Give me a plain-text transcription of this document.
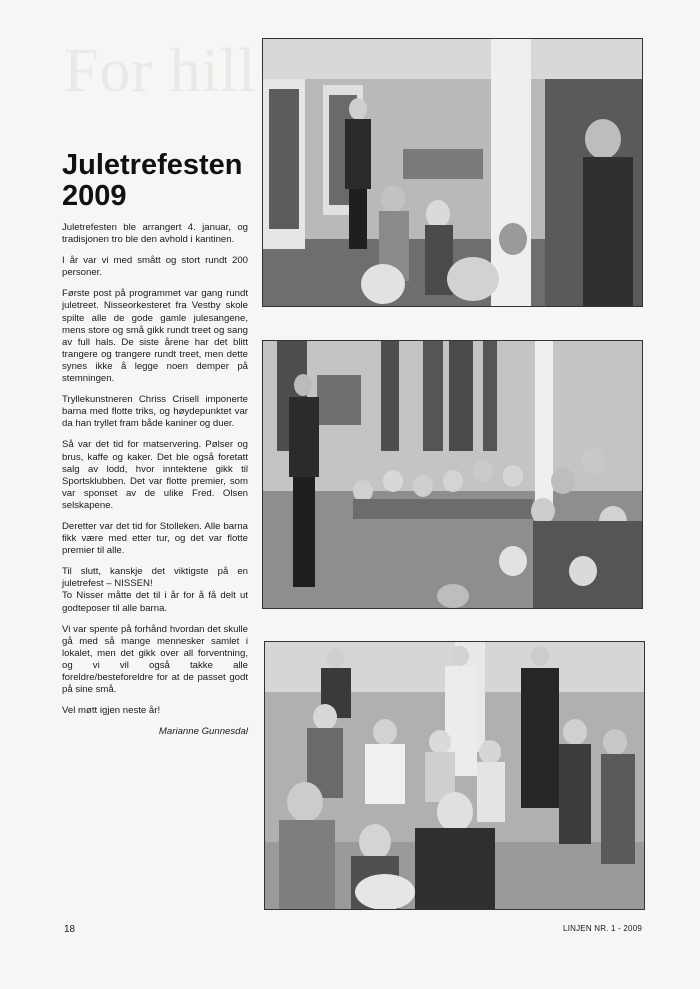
For hill
Juletrefesten
2009

Juletrefesten ble arrangert 4. januar, og tradisjonen tro ble den avhold i kantinen.

I år var vi med smått og stort rundt 200 personer.

Første post på programmet var gang rundt juletreet. Nisseorkesteret fra Vestby skole spilte alle de gode gamle julesangene, mens store og små gikk rundt treet og sang av full hals. De siste årene har det blitt trangere og trangere rundt treet, men dette synes ikke å legge noen demper på stemningen.

Tryllekunstneren Chriss Crisell imponerte barna med flotte triks, og høydepunktet var da han tryllet fram både kaniner og duer.

Så var det tid for matservering. Pølser og brus, kaffe og kaker. Det ble også foretatt salg av lodd, hvor inntektene gikk til Sportsklubben. Det var flotte premier, som var sponset av de ulike Fred. Olsen selskapene.

Deretter var det tid for Stolleken. Alle barna fikk være med etter tur, og det var flotte premier til alle.

Til slutt, kanskje det viktigste på en juletrefest – NISSEN!
To Nisser måtte det til i år for å få delt ut godteposer til alle barna.

Vi var spente på forhånd hvordan det skulle gå med så mange mennesker samlet i lokalet, men det gikk over all forventning, og vi vil også takke alle foreldre/besteforeldre for at de passet godt på sine små.

Vel møtt igjen neste år!

Marianne Gunnesdal
18	LINJEN NR. 1 - 2009
